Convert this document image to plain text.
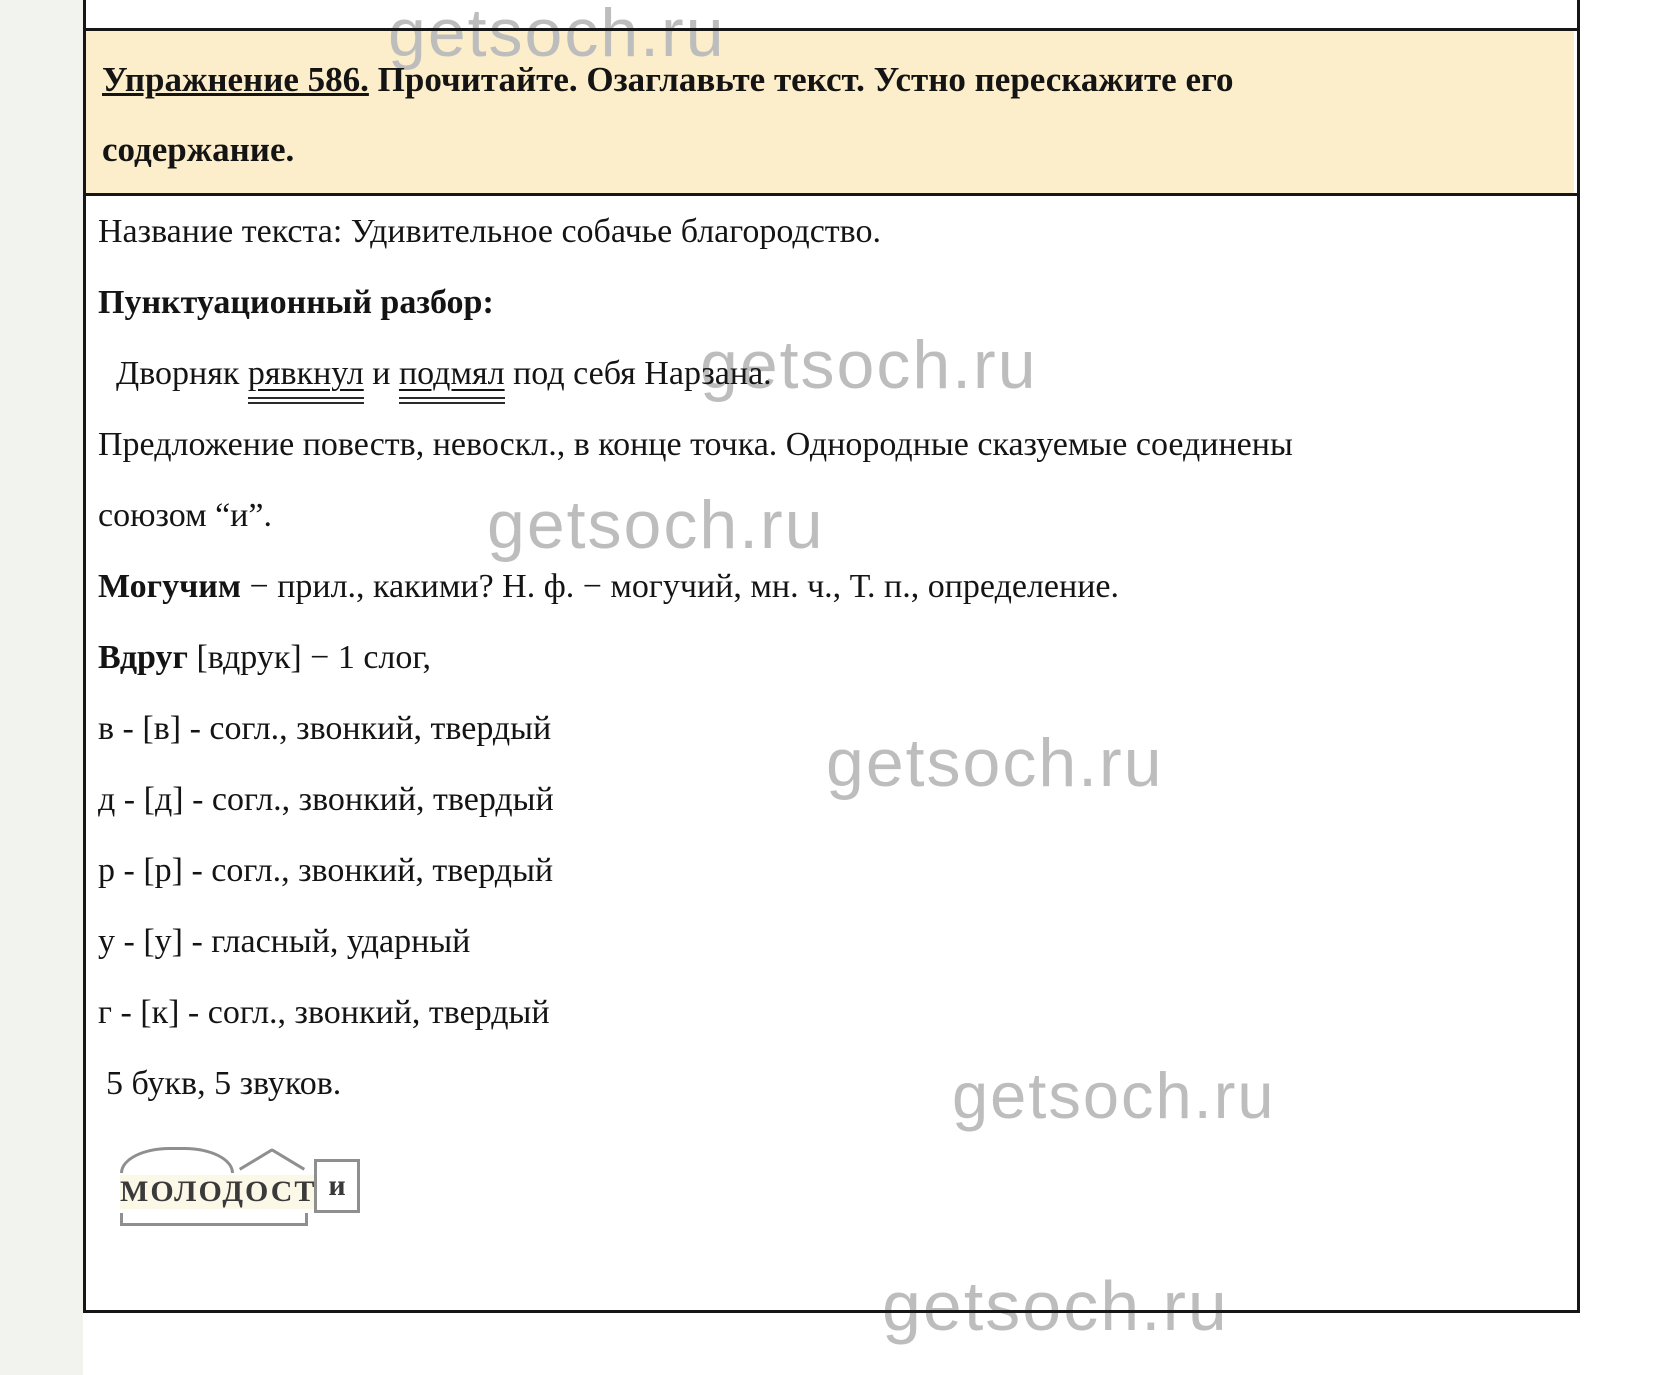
getsoch.ru
getsoch.ru
getsoch.ru
getsoch.ru
getsoch.ru
getsoch.ru
Упражнение 586. Прочитайте. Озаглавьте текст. Устно перескажите его
содержание.

Название текста: Удивительное собачье благородство.

Пунктуационный разбор:

Дворняк рявкнул и подмял под себя Нарзана.

Предложение повеств, невоскл., в конце точка. Однородные сказуемые соединены
союзом “и”.

Могучим − прил., какими? Н. ф. − могучий, мн. ч., Т. п., определение.

Вдруг [вдрук] − 1 слог,

в - [в] - согл., звонкий, твердый

д - [д] - согл., звонкий, твердый

р - [р] - согл., звонкий, твердый

у - [у] - гласный, ударный

г - [к] - согл., звонкий, твердый

5 букв, 5 звуков.

МОЛОДОСТ и
